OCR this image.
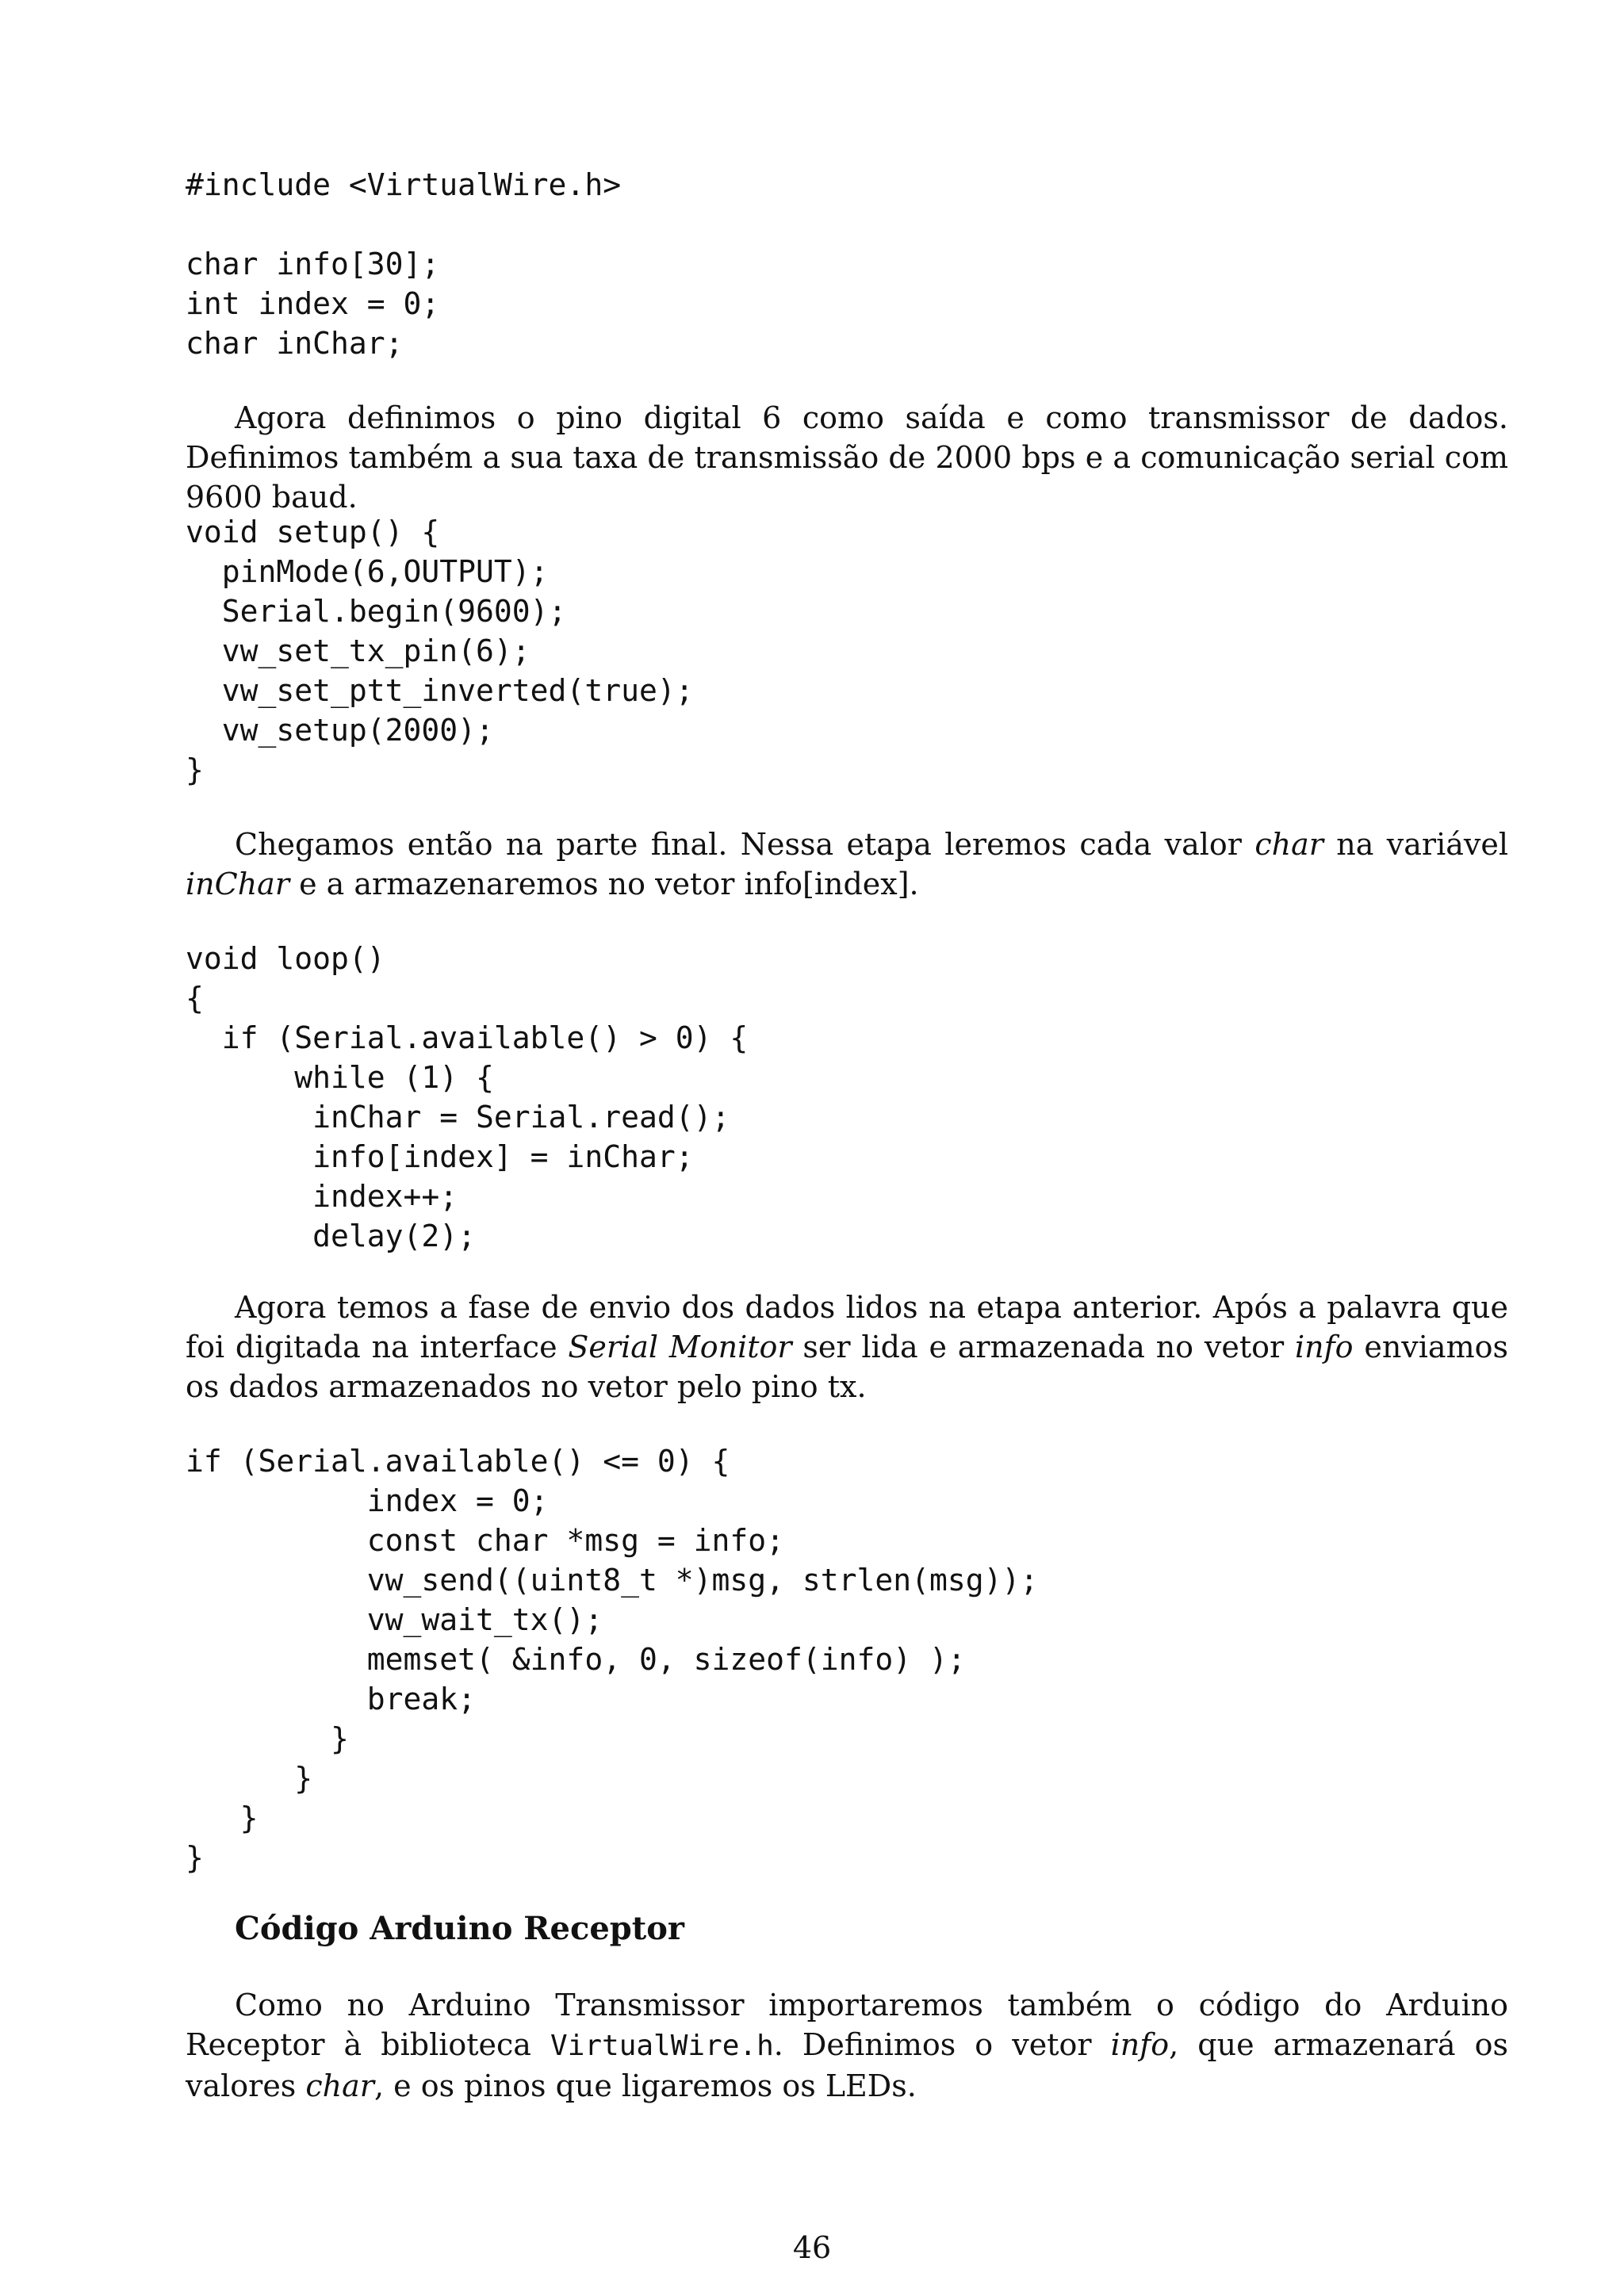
#include <VirtualWire.h>

char info[30];
int index = 0;
char inChar;

Agora definimos o pino digital 6 como saída e como transmissor de dados. Definimos também a sua taxa de transmissão de 2000 bps e a comunicação serial com 9600 baud.

void setup() {
pinMode(6,OUTPUT);
Serial.begin(9600);
vw_set_tx_pin(6);
vw_set_ptt_inverted(true);
vw_setup(2000);
}

Chegamos então na parte final. Nessa etapa leremos cada valor char na variável inChar e a armazenaremos no vetor info[index].

void loop()
{
if (Serial.available() > 0) {
while (1) {
inChar = Serial.read();
info[index] = inChar;
index++;
delay(2);

Agora temos a fase de envio dos dados lidos na etapa anterior. Após a palavra que foi digitada na interface Serial Monitor ser lida e armazenada no vetor info enviamos os dados armazenados no vetor pelo pino tx.

if (Serial.available() <= 0) {
index = 0;
const char *msg = info;
vw_send((uint8_t *)msg, strlen(msg));
vw_wait_tx();
memset( &info, 0, sizeof(info) );
break;
}
}
}
}
Código Arduino Receptor

Como no Arduino Transmissor importaremos também o código do Arduino Receptor à biblioteca VirtualWire.h. Definimos o vetor info, que armazenará os valores char, e os pinos que ligaremos os LEDs.

46
